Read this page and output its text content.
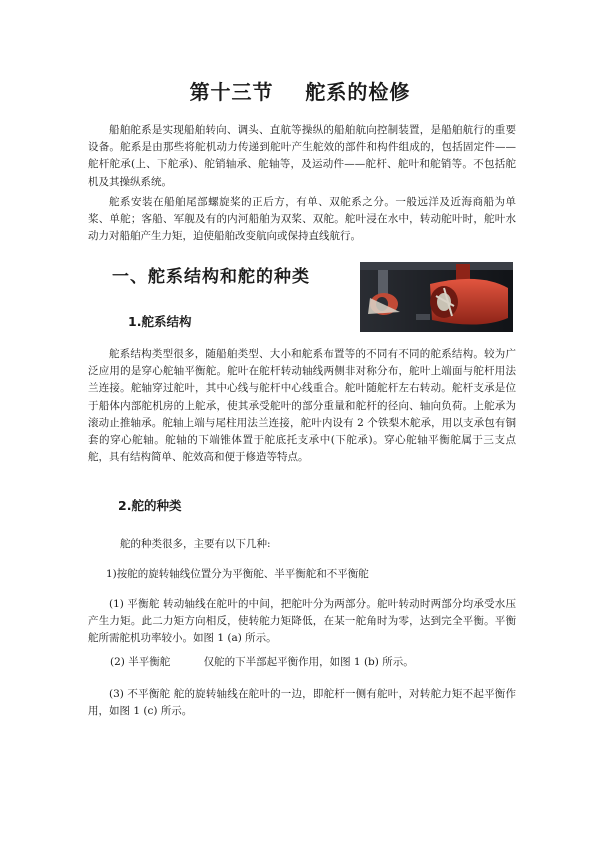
第十三节    舵系的检修

船舶舵系是实现船舶转向、调头、直航等操纵的船舶航向控制装置，是船舶航行的重要设备。舵系是由那些将舵机动力传递到舵叶产生舵效的部件和构件组成的，包括固定件——舵杆舵承(上、下舵承)、舵销轴承、舵轴等，及运动件——舵杆、舵叶和舵销等。不包括舵机及其操纵系统。

舵系安装在船舶尾部螺旋桨的正后方，有单、双舵系之分。一般远洋及近海商船为单桨、单舵；客船、军舰及有的内河船舶为双桨、双舵。舵叶浸在水中，转动舵叶时，舵叶水动力对船舶产生力矩，迫使船舶改变航向或保持直线航行。

一、舵系结构和舵的种类
1.舵系结构

舵系结构类型很多，随船舶类型、大小和舵系布置等的不同有不同的舵系结构。较为广泛应用的是穿心舵轴平衡舵。舵叶在舵杆转动轴线两侧非对称分布，舵叶上端面与舵杆用法兰连接。舵轴穿过舵叶，其中心线与舵杆中心线重合。舵叶随舵杆左右转动。舵杆支承是位于船体内部舵机房的上舵承，使其承受舵叶的部分重量和舵杆的径向、轴向负荷。上舵承为滚动止推轴承。舵轴上端与尾柱用法兰连接，舵叶内设有 2 个铁梨木舵承，用以支承包有铜套的穿心舵轴。舵轴的下端锥体置于舵底托支承中(下舵承)。穿心舵轴平衡舵属于三支点舵，具有结构简单、舵效高和便于修造等特点。

2.舵的种类

舵的种类很多，主要有以下几种:

1)按舵的旋转轴线位置分为平衡舵、半平衡舵和不平衡舵

(1) 平衡舵 转动轴线在舵叶的中间，把舵叶分为两部分。舵叶转动时两部分均承受水压产生力矩。此二力矩方向相反，使转舵力矩降低，在某一舵角时为零，达到完全平衡。平衡舵所需舵机功率较小。如图 1 (a) 所示。

(2) 半平衡舵          仅舵的下半部起平衡作用，如图 1 (b) 所示。

(3) 不平衡舵 舵的旋转轴线在舵叶的一边，即舵杆一侧有舵叶，对转舵力矩不起平衡作用，如图 1 (c) 所示。
